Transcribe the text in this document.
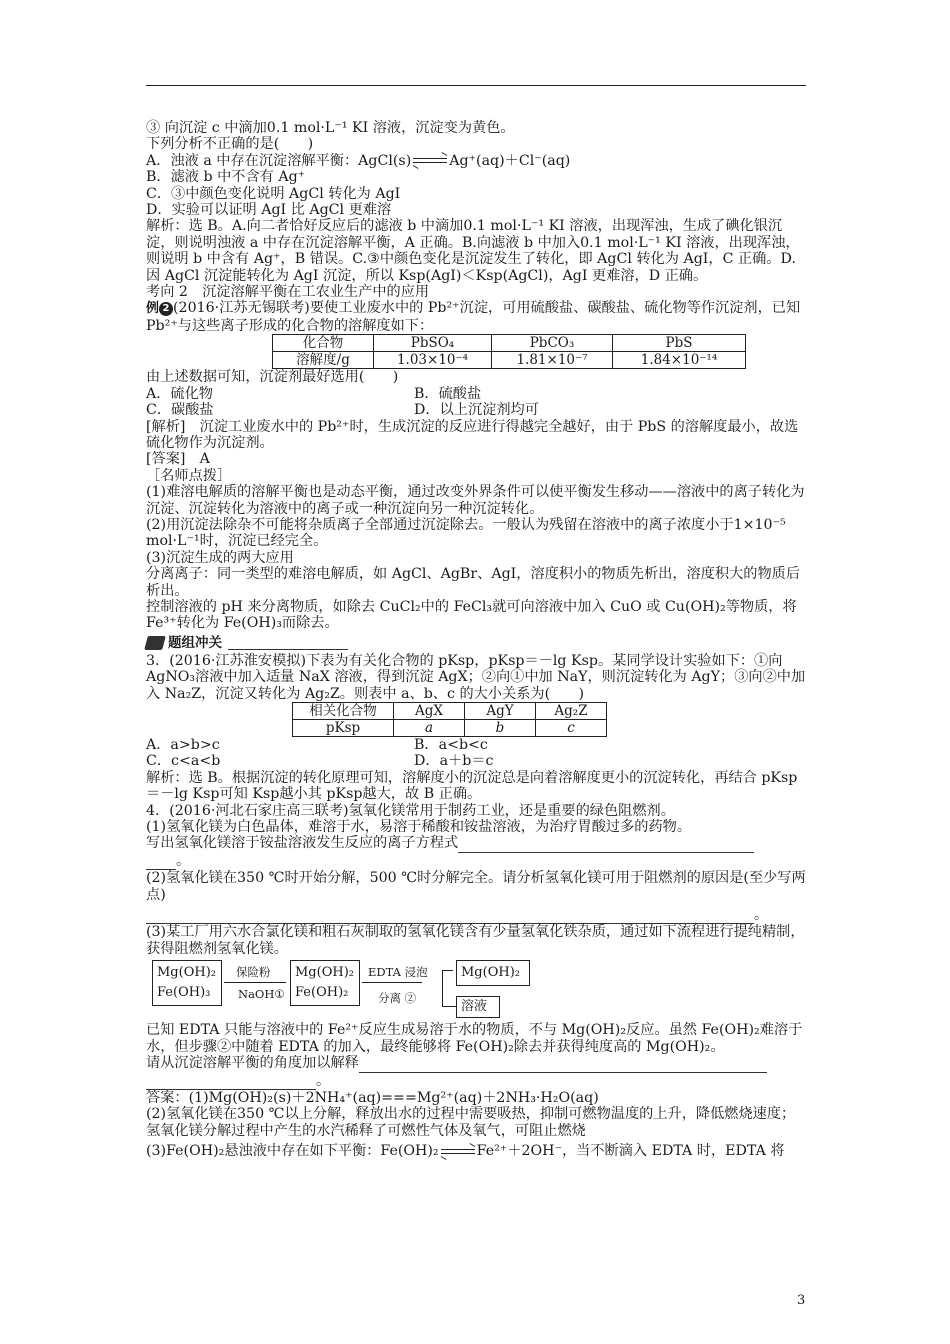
③ 向沉淀 c 中滴加0.1 mol·L⁻¹ KI 溶液，沉淀变为黄色。

下列分析不正确的是(　　)

A．浊液 a 中存在沉淀溶解平衡：AgCl(s)	Ag⁺(aq)＋Cl⁻(aq)

B．滤液 b 中不含有 Ag⁺

C．③中颜色变化说明 AgCl 转化为 AgI

D．实验可以证明 AgI 比 AgCl 更难溶

解析：选 B。A.向二者恰好反应后的滤液 b 中滴加0.1 mol·L⁻¹ KI 溶液，出现浑浊，生成了碘化银沉淀，则说明浊液 a 中存在沉淀溶解平衡，A 正确。B.向滤液 b 中加入0.1 mol·L⁻¹ KI 溶液，出现浑浊，则说明 b 中含有 Ag⁺，B 错误。C.③中颜色变化是沉淀发生了转化，即 AgCl 转化为 AgI，C 正确。D.因 AgCl 沉淀能转化为 AgI 沉淀，所以 Ksp(AgI)＜Ksp(AgCl)，AgI 更难溶，D 正确。

考向 2　沉淀溶解平衡在工农业生产中的应用

例 2 (2016·江苏无锡联考)要使工业废水中的 Pb²⁺沉淀，可用硫酸盐、碳酸盐、硫化物等作沉淀剂，已知 Pb²⁺与这些离子形成的化合物的溶解度如下：

化合物	PbSO₄	PbCO₃	PbS
溶解度/g	1.03×10⁻⁴	1.81×10⁻⁷	1.84×10⁻¹⁴

由上述数据可知，沉淀剂最好选用(　　)

A．硫化物	B．硫酸盐
C．碳酸盐	D．以上沉淀剂均可

[解析]　沉淀工业废水中的 Pb²⁺时，生成沉淀的反应进行得越完全越好，由于 PbS 的溶解度最小，故选硫化物作为沉淀剂。

[答案]　A

［名师点拨］

(1)难溶电解质的溶解平衡也是动态平衡，通过改变外界条件可以使平衡发生移动——溶液中的离子转化为沉淀、沉淀转化为溶液中的离子或一种沉淀向另一种沉淀转化。

(2)用沉淀法除杂不可能将杂质离子全部通过沉淀除去。一般认为残留在溶液中的离子浓度小于1×10⁻⁵ mol·L⁻¹时，沉淀已经完全。

(3)沉淀生成的两大应用

分离离子：同一类型的难溶电解质，如 AgCl、AgBr、AgI，溶度积小的物质先析出，溶度积大的物质后析出。

控制溶液的 pH 来分离物质，如除去 CuCl₂中的 FeCl₃就可向溶液中加入 CuO 或 Cu(OH)₂等物质，将 Fe³⁺转化为 Fe(OH)₃而除去。

题组冲关

3．(2016·江苏淮安模拟)下表为有关化合物的 pKsp，pKsp＝－lg Ksp。某同学设计实验如下：①向 AgNO₃溶液中加入适量 NaX 溶液，得到沉淀 AgX；②向①中加 NaY，则沉淀转化为 AgY；③向②中加入 Na₂Z，沉淀又转化为 Ag₂Z。则表中 a、b、c 的大小关系为(　　)

相关化合物	AgX	AgY	Ag₂Z
pKsp	a	b	c
A．a>b>c	B．a<b<c
C．c<a<b	D．a＋b＝c

解析：选 B。根据沉淀的转化原理可知，溶解度小的沉淀总是向着溶解度更小的沉淀转化，再结合 pKsp＝－lg Ksp可知 Ksp越小其 pKsp越大，故 B 正确。

4．(2016·河北石家庄高三联考)氢氧化镁常用于制药工业，还是重要的绿色阻燃剂。

(1)氢氧化镁为白色晶体，难溶于水，易溶于稀酸和铵盐溶液，为治疗胃酸过多的药物。

写出氢氧化镁溶于铵盐溶液发生反应的离子方程式

。

(2)氢氧化镁在350 ℃时开始分解，500 ℃时分解完全。请分析氢氧化镁可用于阻燃剂的原因是(至少写两点)

。

(3)某工厂用六水合氯化镁和粗石灰制取的氢氧化镁含有少量氢氧化铁杂质，通过如下流程进行提纯精制，获得阻燃剂氢氧化镁。

Mg(OH)₂
Fe(OH)₃
保险粉
NaOH①
Mg(OH)₂
Fe(OH)₂
EDTA 浸泡
分离 ②
Mg(OH)₂
溶液

已知 EDTA 只能与溶液中的 Fe²⁺反应生成易溶于水的物质，不与 Mg(OH)₂反应。虽然 Fe(OH)₂难溶于水，但步骤②中随着 EDTA 的加入，最终能够将 Fe(OH)₂除去并获得纯度高的 Mg(OH)₂。

请从沉淀溶解平衡的角度加以解释

。

答案：(1)Mg(OH)₂(s)＋2NH₄⁺(aq)===Mg²⁺(aq)＋2NH₃·H₂O(aq)

(2)氢氧化镁在350 ℃以上分解，释放出水的过程中需要吸热，抑制可燃物温度的上升，降低燃烧速度；氢氧化镁分解过程中产生的水汽稀释了可燃性气体及氧气，可阻止燃烧

(3)Fe(OH)₂悬浊液中存在如下平衡：Fe(OH)₂	Fe²⁺＋2OH⁻，当不断滴入 EDTA 时，EDTA 将

3
